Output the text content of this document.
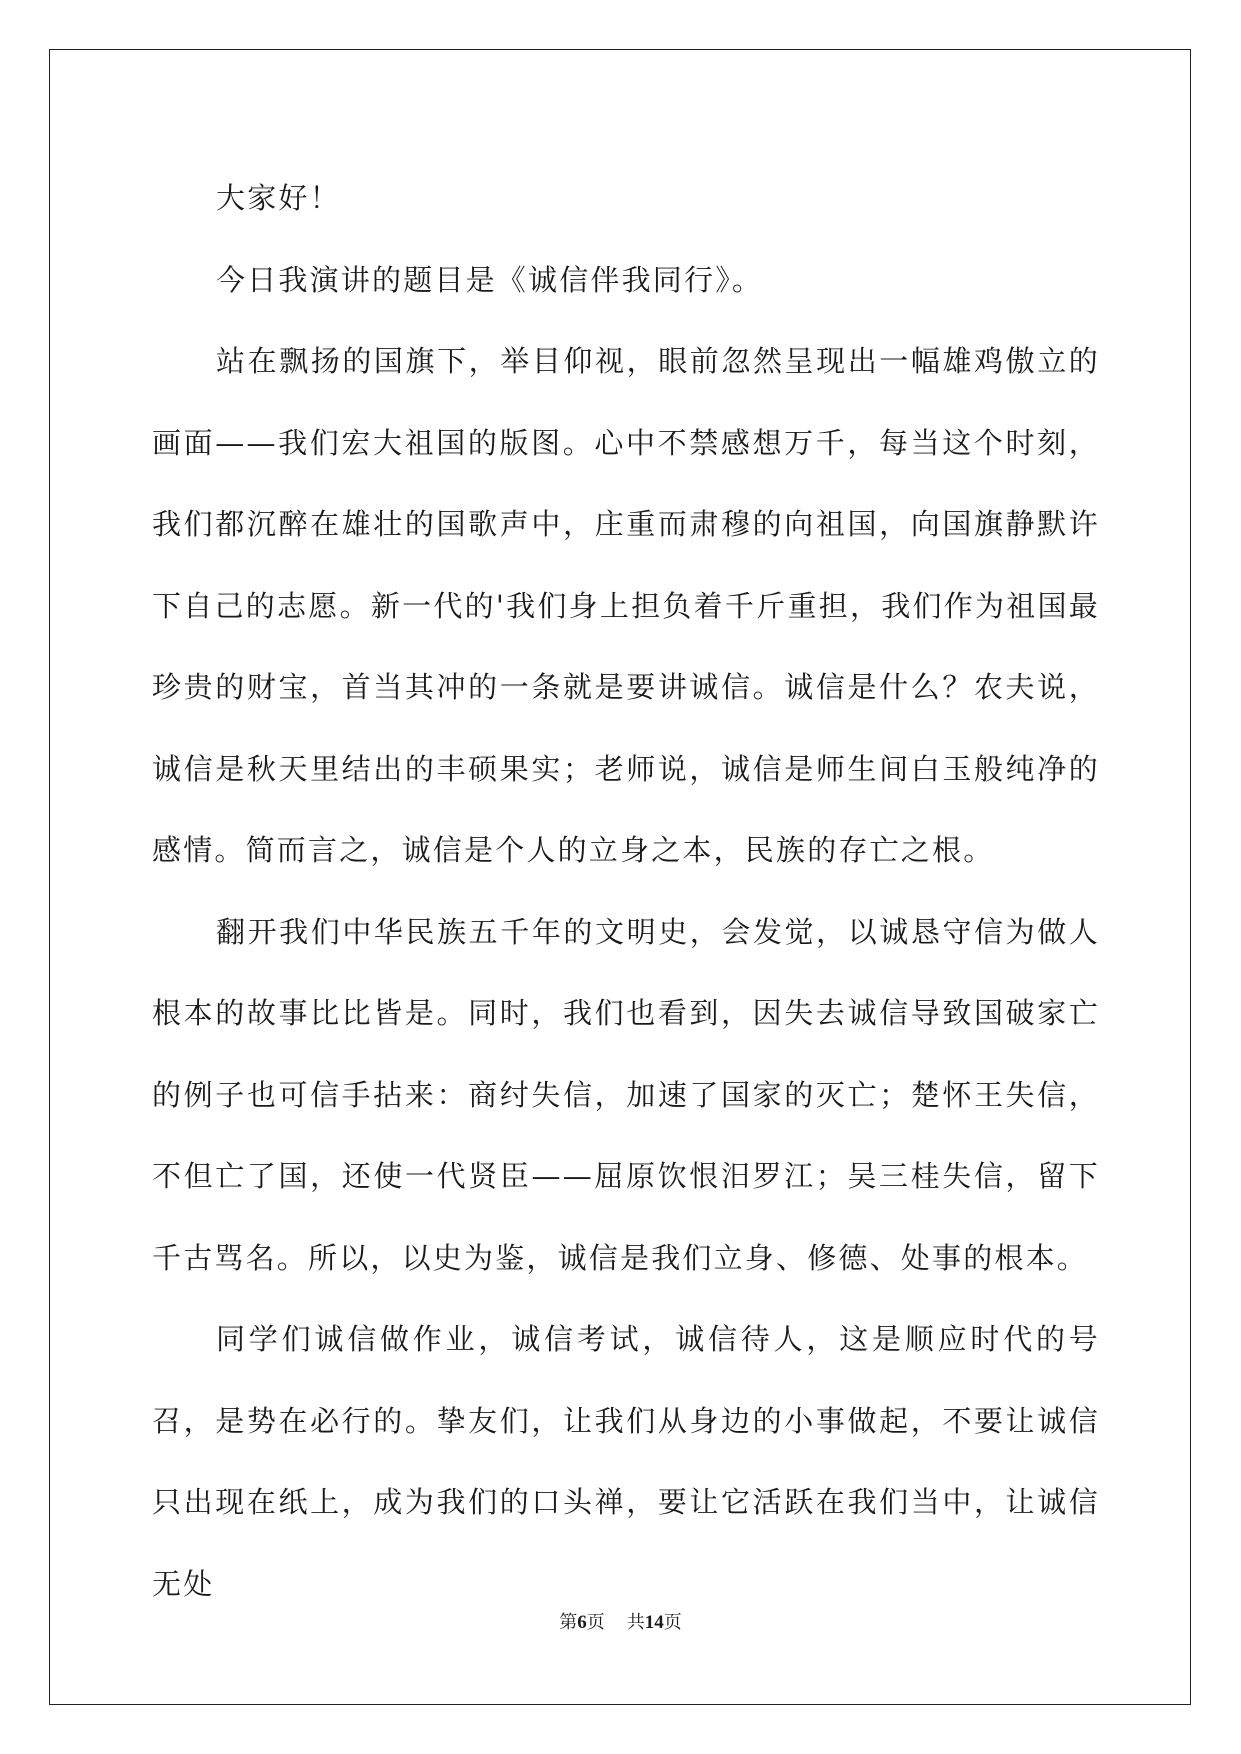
大家好！

今日我演讲的题目是《诚信伴我同行》。

站在飘扬的国旗下，举目仰视，眼前忽然呈现出一幅雄鸡傲立的画面——我们宏大祖国的版图。心中不禁感想万千，每当这个时刻，我们都沉醉在雄壮的国歌声中，庄重而肃穆的向祖国，向国旗静默许下自己的志愿。新一代的'我们身上担负着千斤重担，我们作为祖国最珍贵的财宝，首当其冲的一条就是要讲诚信。诚信是什么？农夫说，诚信是秋天里结出的丰硕果实；老师说，诚信是师生间白玉般纯净的感情。简而言之，诚信是个人的立身之本，民族的存亡之根。

翻开我们中华民族五千年的文明史，会发觉，以诚恳守信为做人根本的故事比比皆是。同时，我们也看到，因失去诚信导致国破家亡的例子也可信手拈来：商纣失信，加速了国家的灭亡；楚怀王失信，不但亡了国，还使一代贤臣——屈原饮恨汨罗江；吴三桂失信，留下千古骂名。所以，以史为鉴，诚信是我们立身、修德、处事的根本。

同学们诚信做作业，诚信考试，诚信待人，这是顺应时代的号召，是势在必行的。挚友们，让我们从身边的小事做起，不要让诚信只出现在纸上，成为我们的口头禅，要让它活跃在我们当中，让诚信无处

第6页 共14页
